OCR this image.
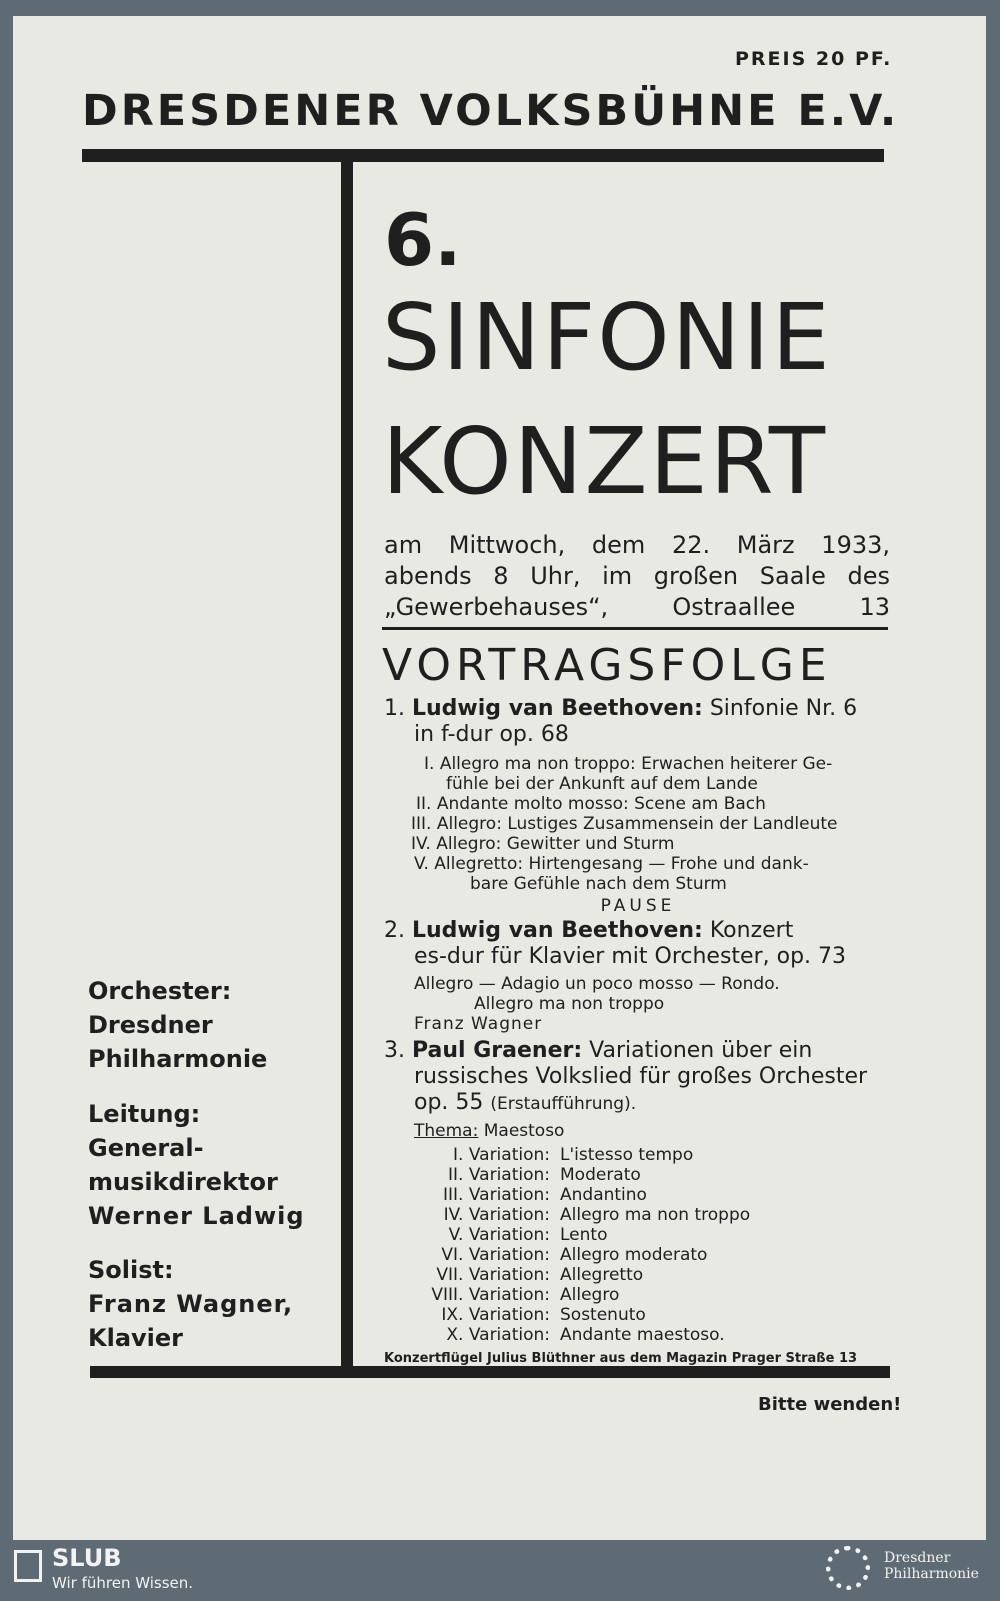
PREIS 20 PF.
DRESDENER VOLKSBÜHNE E.V.
6.
SINFONIE
KONZERT
am Mittwoch, dem 22. März 1933,
abends 8 Uhr, im großen Saale des
„Gewerbehauses“, Ostraallee 13
VORTRAGSFOLGE
1. Ludwig van Beethoven: Sinfonie Nr. 6
in f-dur op. 68
I. Allegro ma non troppo: Erwachen heiterer Ge-
fühle bei der Ankunft auf dem Lande
II. Andante molto mosso: Scene am Bach
III. Allegro: Lustiges Zusammensein der Landleute
IV. Allegro: Gewitter und Sturm
V. Allegretto: Hirtengesang — Frohe und dank-
bare Gefühle nach dem Sturm
PAUSE
2. Ludwig van Beethoven: Konzert
es-dur für Klavier mit Orchester, op. 73
Allegro — Adagio un poco mosso — Rondo.
Allegro ma non troppo
Franz Wagner
3. Paul Graener: Variationen über ein
russisches Volkslied für großes Orchester
op. 55 (Erstaufführung).
Thema: Maestoso
I. Variation: L'istesso tempo
II. Variation: Moderato
III. Variation: Andantino
IV. Variation: Allegro ma non troppo
V. Variation: Lento
VI. Variation: Allegro moderato
VII. Variation: Allegretto
VIII. Variation: Allegro
IX. Variation: Sostenuto
X. Variation: Andante maestoso.
Konzertflügel Julius Blüthner aus dem Magazin Prager Straße 13
Orchester:
Dresdner
Philharmonie
Leitung:
General-
musikdirektor
Werner Ladwig
Solist:
Franz Wagner,
Klavier
Bitte wenden!
SLUB
Wir führen Wissen.
Dresdner
Philharmonie
